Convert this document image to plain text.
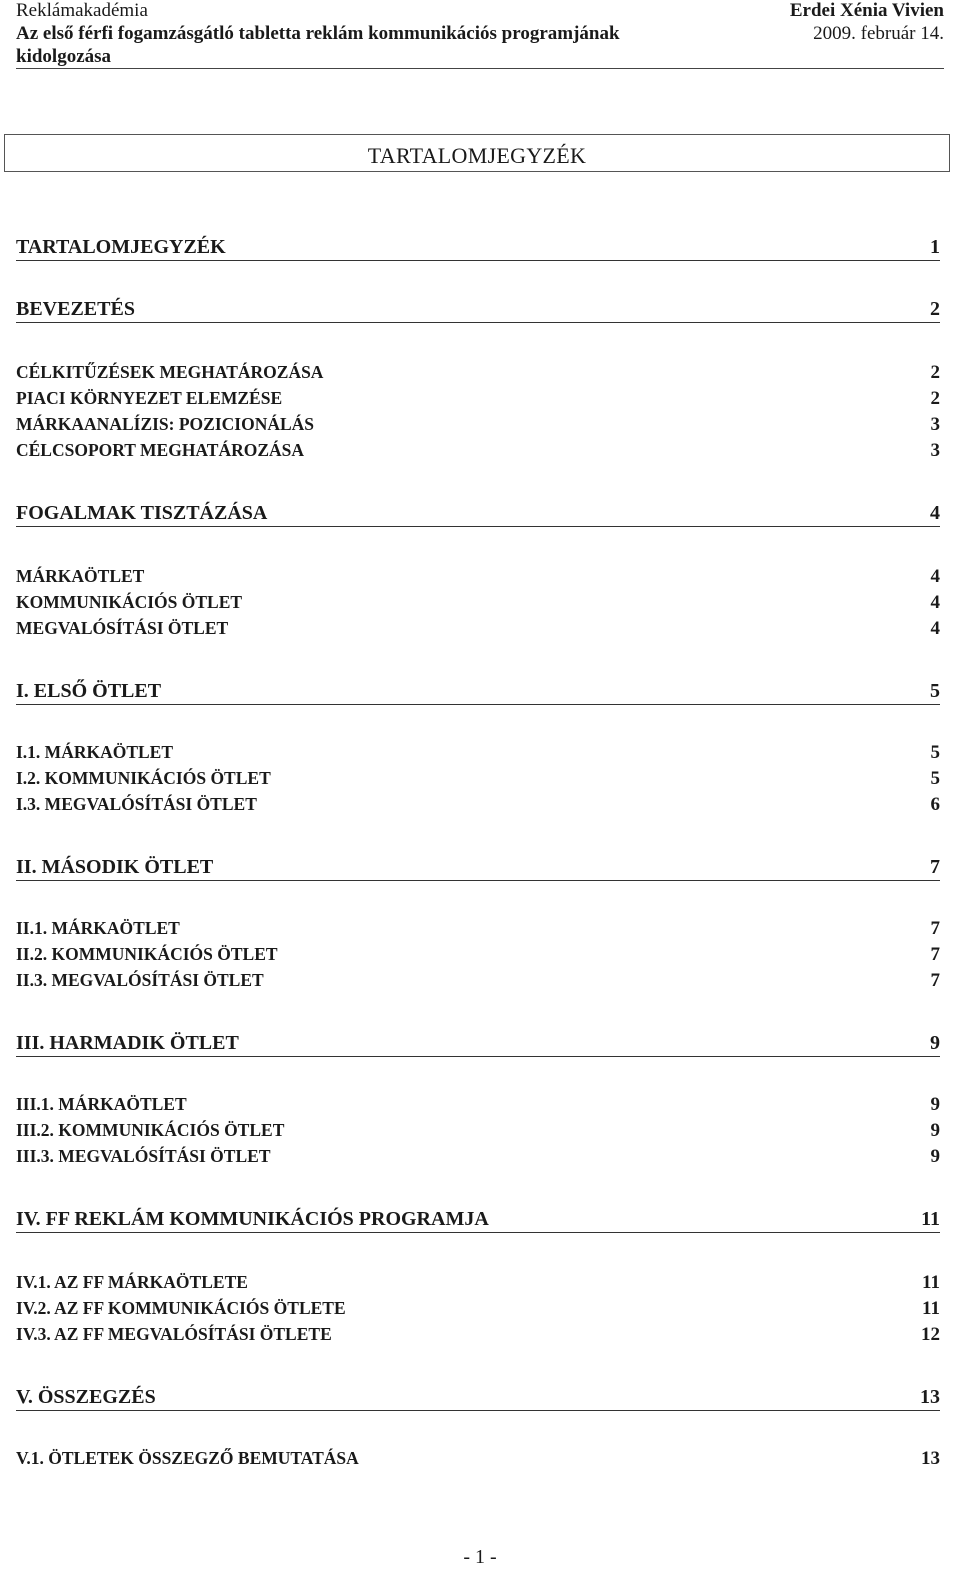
Reklámakadémia	Erdei Xénia Vivien
Az első férfi fogamzásgátló tabletta reklám kommunikációs programjának	2009. február 14.
kidolgozása
TARTALOMJEGYZÉK
TARTALOMJEGYZÉK	1
BEVEZETÉS	2
CÉLKITŰZÉSEK MEGHATÁROZÁSA	2
PIACI KÖRNYEZET ELEMZÉSE	2
MÁRKAANALÍZIS: POZICIONÁLÁS	3
CÉLCSOPORT MEGHATÁROZÁSA	3
FOGALMAK TISZTÁZÁSA	4
MÁRKAÖTLET	4
KOMMUNIKÁCIÓS ÖTLET	4
MEGVALÓSÍTÁSI ÖTLET	4
I. ELSŐ ÖTLET	5
I.1. MÁRKAÖTLET	5
I.2. KOMMUNIKÁCIÓS ÖTLET	5
I.3. MEGVALÓSÍTÁSI ÖTLET	6
II. MÁSODIK ÖTLET	7
II.1. MÁRKAÖTLET	7
II.2. KOMMUNIKÁCIÓS ÖTLET	7
II.3. MEGVALÓSÍTÁSI ÖTLET	7
III. HARMADIK ÖTLET	9
III.1. MÁRKAÖTLET	9
III.2. KOMMUNIKÁCIÓS ÖTLET	9
III.3. MEGVALÓSÍTÁSI ÖTLET	9
IV. FF REKLÁM KOMMUNIKÁCIÓS PROGRAMJA	11
IV.1. AZ FF MÁRKAÖTLETE	11
IV.2. AZ FF KOMMUNIKÁCIÓS ÖTLETE	11
IV.3. AZ FF MEGVALÓSÍTÁSI ÖTLETE	12
V. ÖSSZEGZÉS	13
V.1. ÖTLETEK ÖSSZEGZŐ BEMUTATÁSA	13
- 1 -
